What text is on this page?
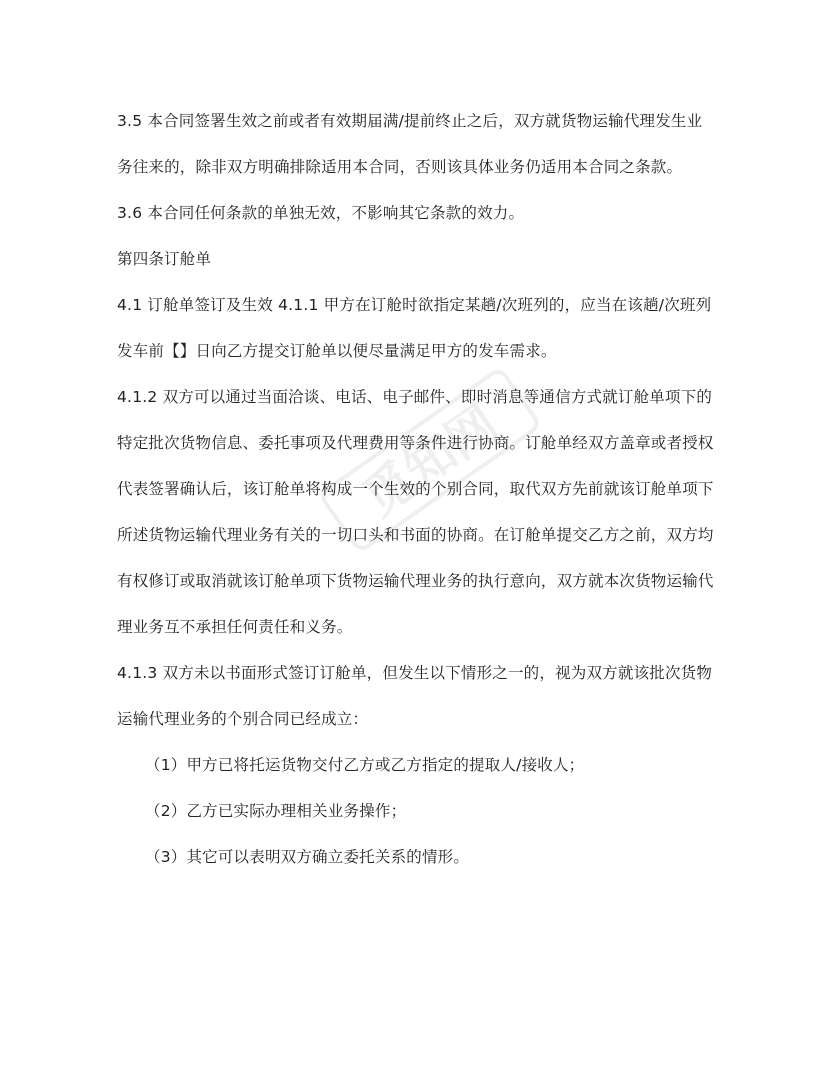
觅知网

3.5 本合同签署生效之前或者有效期届满/提前终止之后，双方就货物运输代理发生业务往来的，除非双方明确排除适用本合同，否则该具体业务仍适用本合同之条款。

3.6 本合同任何条款的单独无效，不影响其它条款的效力。

第四条订舱单

4.1 订舱单签订及生效 4.1.1 甲方在订舱时欲指定某趟/次班列的，应当在该趟/次班列发车前【】日向乙方提交订舱单以便尽量满足甲方的发车需求。

4.1.2 双方可以通过当面洽谈、电话、电子邮件、即时消息等通信方式就订舱单项下的特定批次货物信息、委托事项及代理费用等条件进行协商。订舱单经双方盖章或者授权代表签署确认后，该订舱单将构成一个生效的个别合同，取代双方先前就该订舱单项下所述货物运输代理业务有关的一切口头和书面的协商。在订舱单提交乙方之前，双方均有权修订或取消就该订舱单项下货物运输代理业务的执行意向，双方就本次货物运输代理业务互不承担任何责任和义务。

4.1.3 双方未以书面形式签订订舱单，但发生以下情形之一的，视为双方就该批次货物运输代理业务的个别合同已经成立：

（1）甲方已将托运货物交付乙方或乙方指定的提取人/接收人；

（2）乙方已实际办理相关业务操作；

（3）其它可以表明双方确立委托关系的情形。
